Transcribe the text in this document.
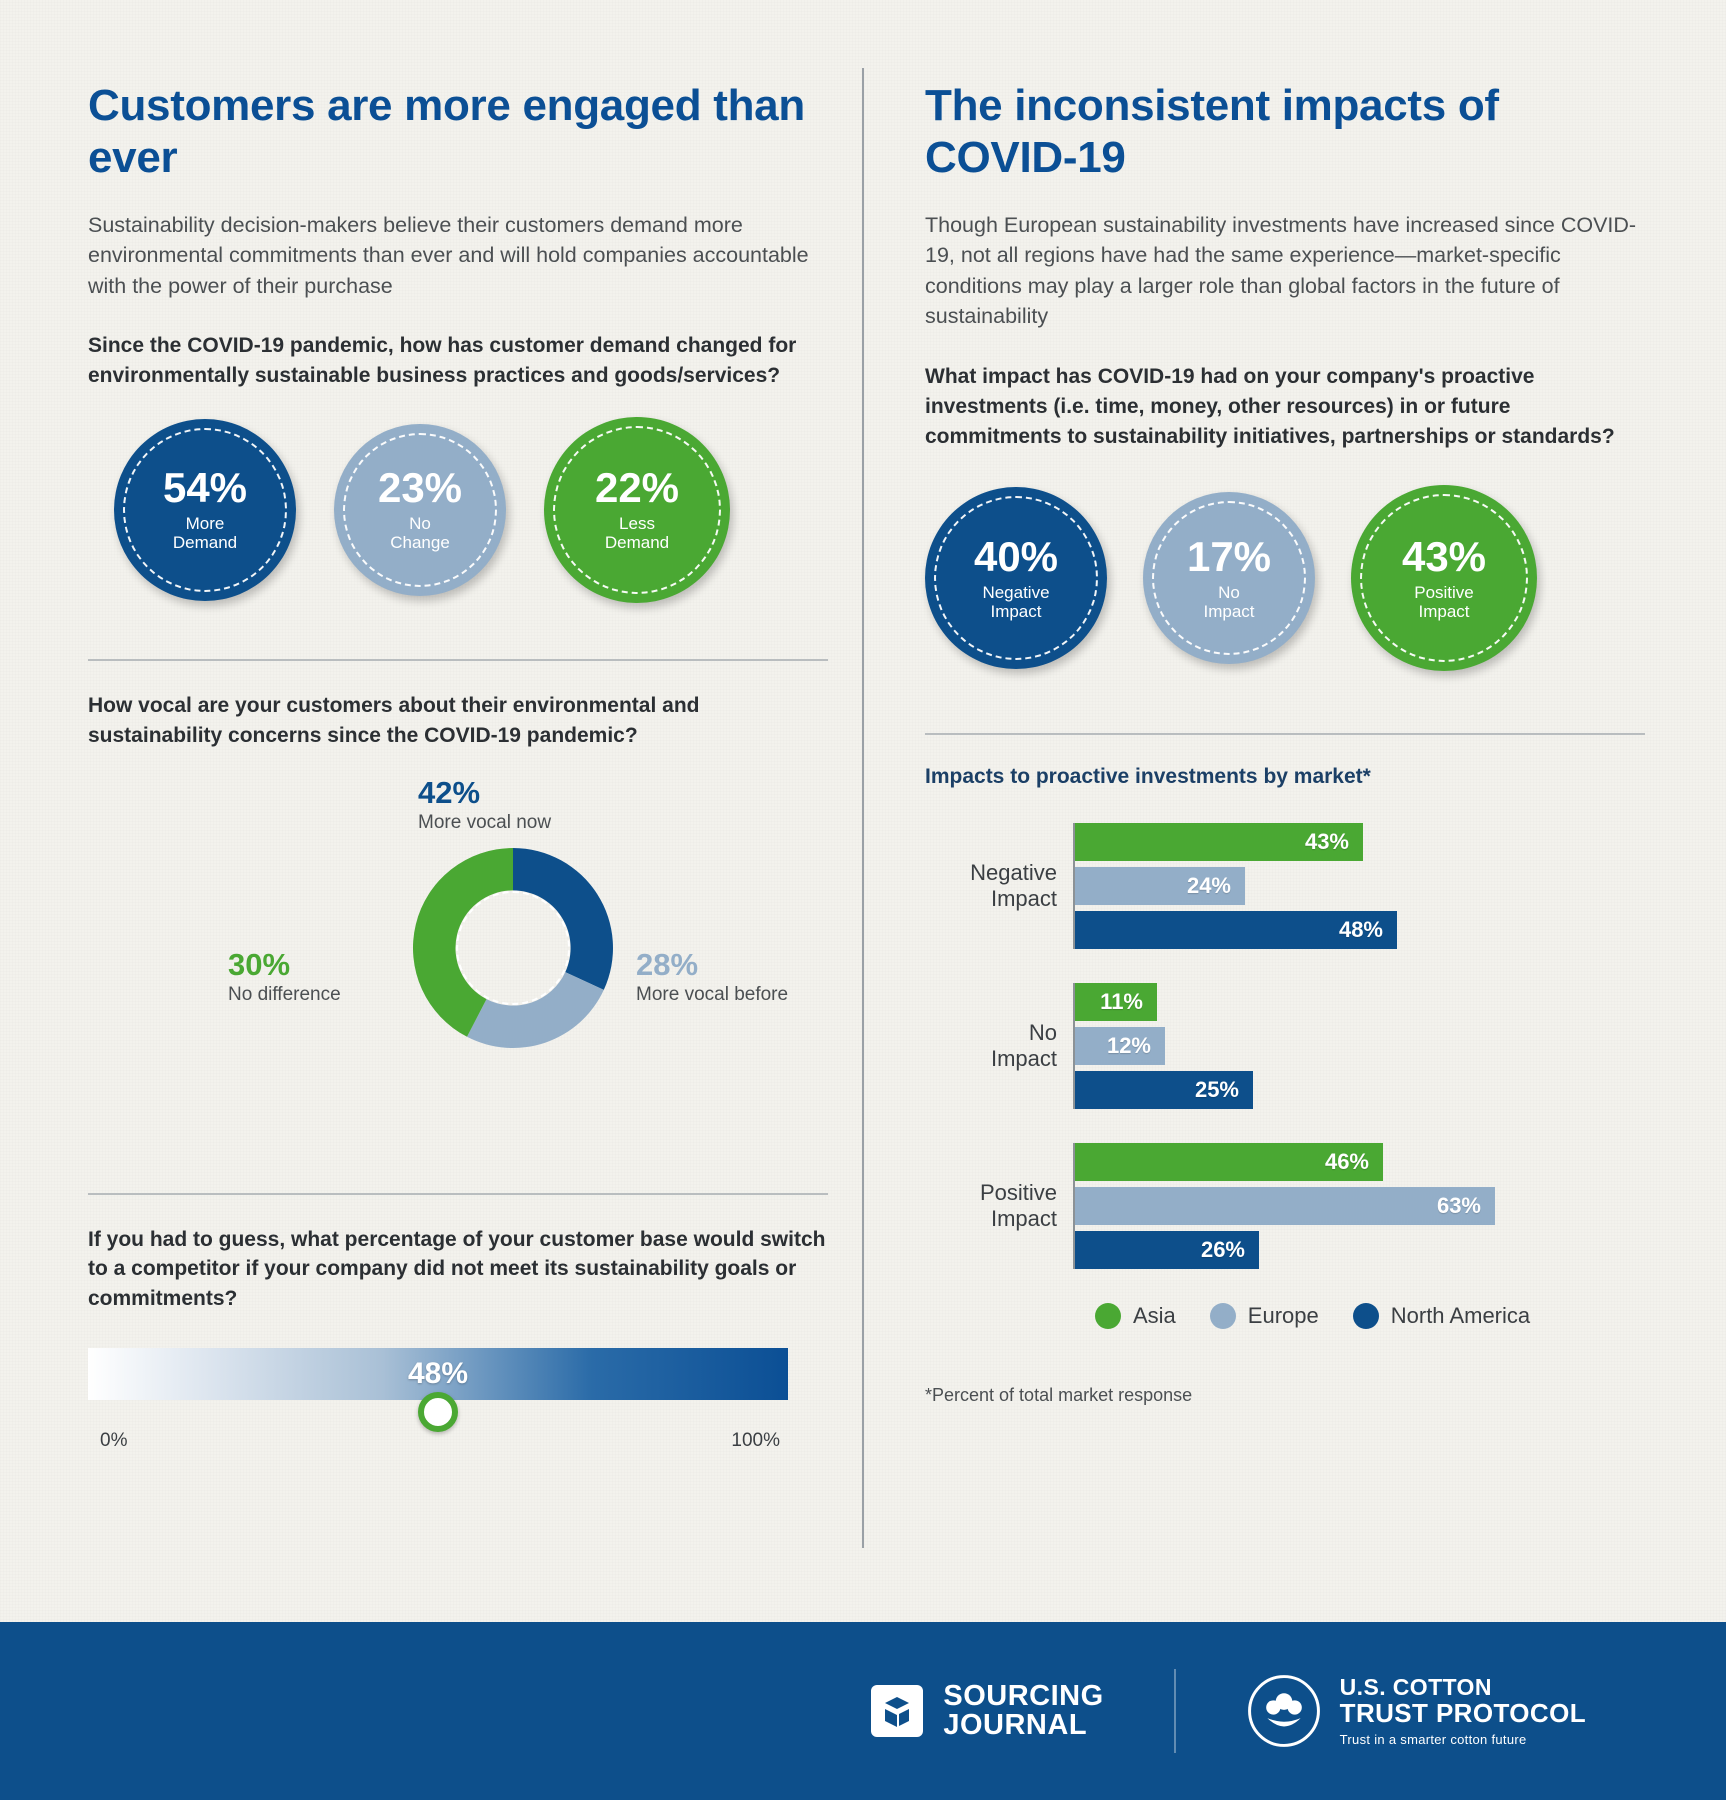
Customers are more engaged than ever

Sustainability decision-makers believe their customers demand more environmental commitments than ever and will hold companies accountable with the power of their purchase

Since the COVID-19 pandemic, how has customer demand changed for environmentally sustainable business practices and goods/services?

54%
More
Demand
23%
No
Change
22%
Less
Demand

How vocal are your customers about their environmental and sustainability concerns since the COVID-19 pandemic?

42%
More vocal now
30%
No difference
28%
More vocal before

If you had to guess, what percentage of your customer base would switch to a competitor if your company did not meet its sustainability goals or commitments?

48%
0%	100%
The inconsistent impacts of COVID-19

Though European sustainability investments have increased since COVID-19, not all regions have had the same experience—market-specific conditions may play a larger role than global factors in the future of sustainability

What impact has COVID-19 had on your company's proactive investments (i.e. time, money, other resources) in or future commitments to sustainability initiatives, partnerships or standards?

40%
Negative
Impact
17%
No
Impact
43%
Positive
Impact
Impacts to proactive investments by market*
Negative
Impact
43%
24%
48%
No
Impact
11%
12%
25%
Positive
Impact
46%
63%
26%
Asia	Europe	North America
*Percent of total market response
SOURCING
JOURNAL
U.S. COTTON
TRUST PROTOCOL
Trust in a smarter cotton future
